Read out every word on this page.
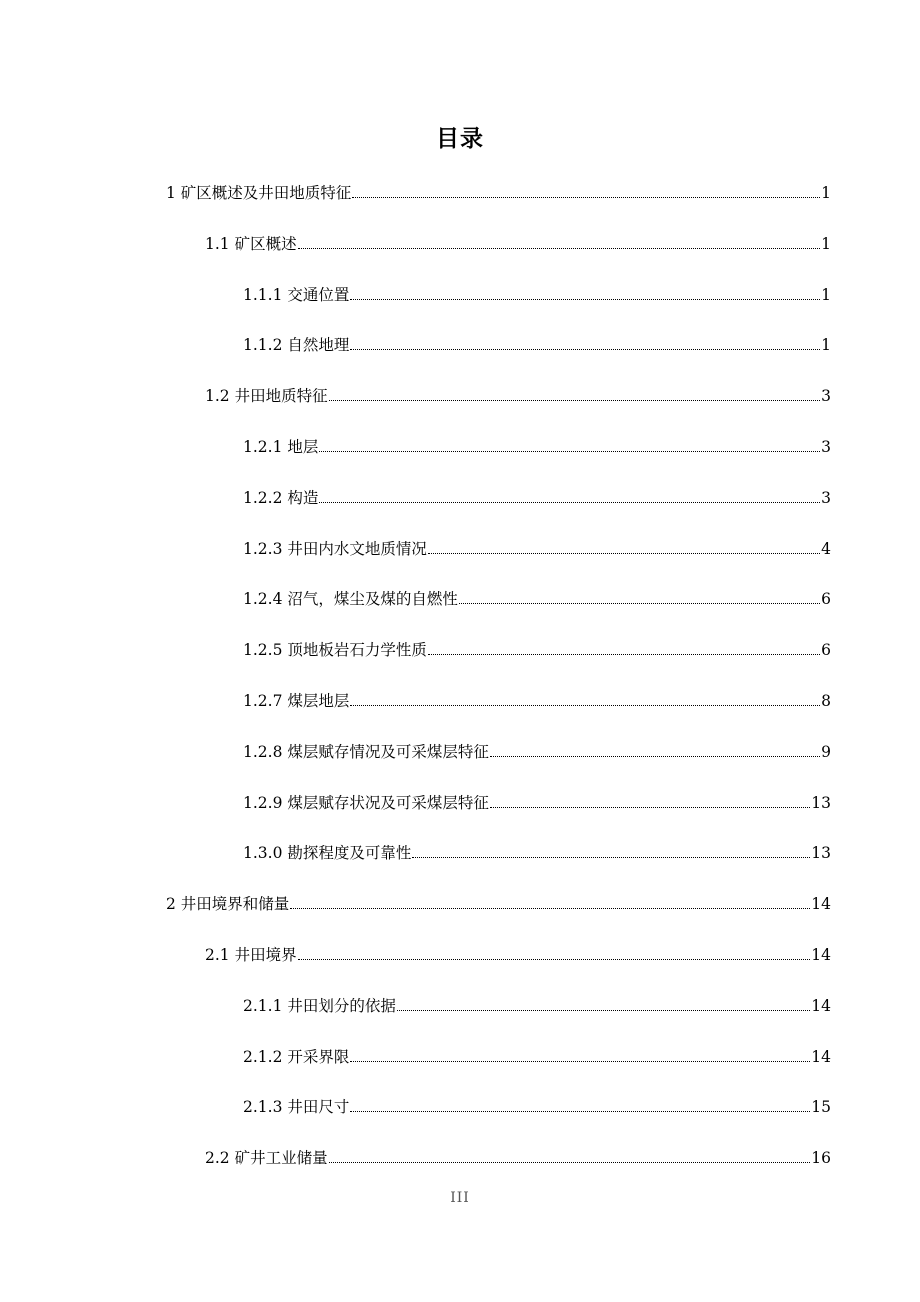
目录
1 矿区概述及井田地质特征	1
1.1 矿区概述	1
1.1.1 交通位置	1
1.1.2 自然地理	1
1.2 井田地质特征	3
1.2.1 地层	3
1.2.2 构造	3
1.2.3 井田内水文地质情况	4
1.2.4 沼气，煤尘及煤的自燃性	6
1.2.5 顶地板岩石力学性质	6
1.2.7 煤层地层	8
1.2.8 煤层赋存情况及可采煤层特征	9
1.2.9 煤层赋存状况及可采煤层特征	13
1.3.0 勘探程度及可靠性	13
2 井田境界和储量	14
2.1 井田境界	14
2.1.1 井田划分的依据	14
2.1.2 开采界限	14
2.1.3 井田尺寸	15
2.2 矿井工业储量	16
III
